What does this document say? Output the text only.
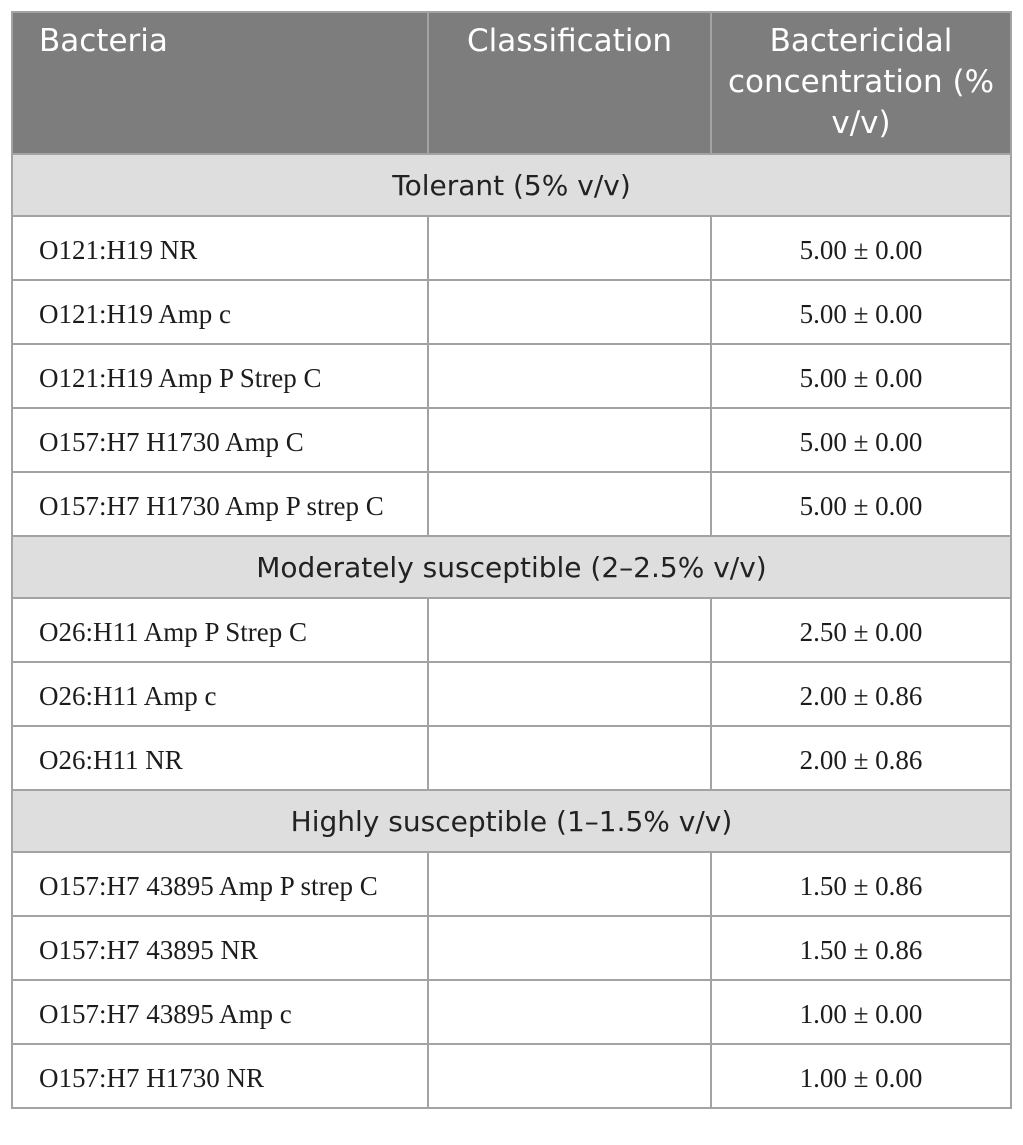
Bacteria	Classification	Bactericidal concentration (% v/v)
Tolerant (5% v/v)		
O121:H19 NR		5.00 ± 0.00
O121:H19 Amp c		5.00 ± 0.00
O121:H19 Amp P Strep C		5.00 ± 0.00
O157:H7 H1730 Amp C		5.00 ± 0.00
O157:H7 H1730 Amp P strep C		5.00 ± 0.00
Moderately susceptible (2–2.5% v/v)		
O26:H11 Amp P Strep C		2.50 ± 0.00
O26:H11 Amp c		2.00 ± 0.86
O26:H11 NR		2.00 ± 0.86
Highly susceptible (1–1.5% v/v)		
O157:H7 43895 Amp P strep C		1.50 ± 0.86
O157:H7 43895 NR		1.50 ± 0.86
O157:H7 43895 Amp c		1.00 ± 0.00
O157:H7 H1730 NR		1.00 ± 0.00
